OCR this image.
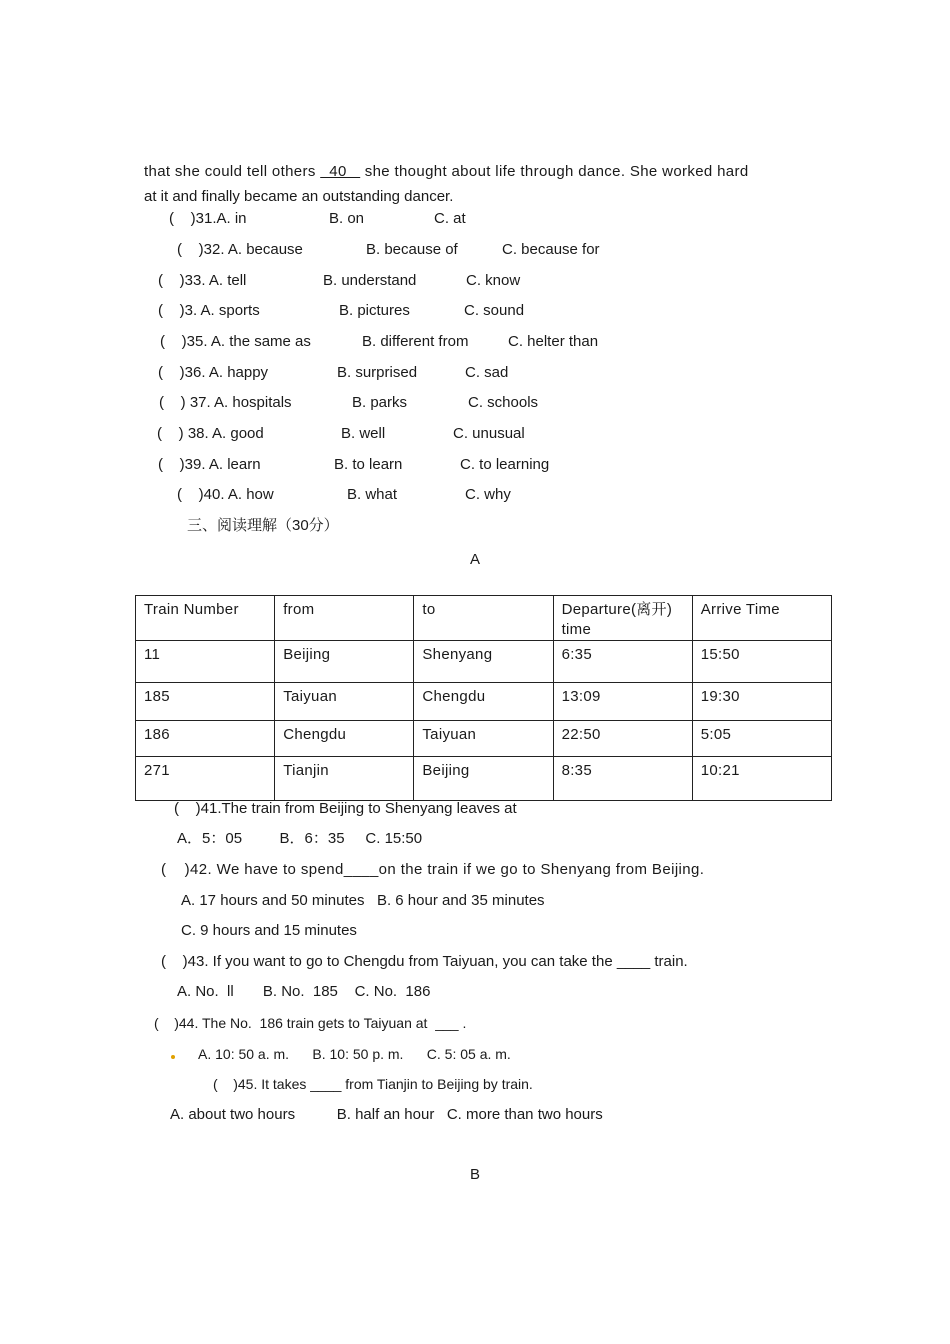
that she could tell others   40    she thought about life through dance. She worked hard
at it and finally became an outstanding dancer.
(    )31.A. in	B. on	C. at
(    )32. A. because	B. because of	C. because for
(    )33. A. tell	B. understand	C. know
(    )3. A. sports	B. pictures	C. sound
(    )35. A. the same as	B. different from	C. helter than
(    )36. A. happy	B. surprised	C. sad
(    ) 37. A. hospitals	B. parks	C. schools
(    ) 38. A. good	B. well	C. unusual
(    )39. A. learn	B. to learn	C. to learning
(    )40. A. how	B. what	C. why
三、阅读理解（30分）
A
Train Number	from	to	Departure(离开) time	Arrive Time
11	Beijing	Shenyang	6:35	15:50
185	Taiyuan	Chengdu	13:09	19:30
186	Chengdu	Taiyuan	22:50	5:05
271	Tianjin	Beijing	8:35	10:21
(    )41.The train from Beijing to Shenyang leaves at
A．5：05         B．6：35     C. 15:50
(    )42. We have to spend____on the train if we go to Shenyang from Beijing.
A. 17 hours and 50 minutes   B. 6 hour and 35 minutes
C. 9 hours and 15 minutes
(    )43. If you want to go to Chengdu from Taiyuan, you can take the ____ train.
A. No.  ll       B. No.  185    C. No.  186
(    )44. The No.  186 train gets to Taiyuan at  ___ .
A. 10: 50 a. m.      B. 10: 50 p. m.      C. 5: 05 a. m.
(    )45. It takes ____ from Tianjin to Beijing by train.
A. about two hours          B. half an hour   C. more than two hours
B
